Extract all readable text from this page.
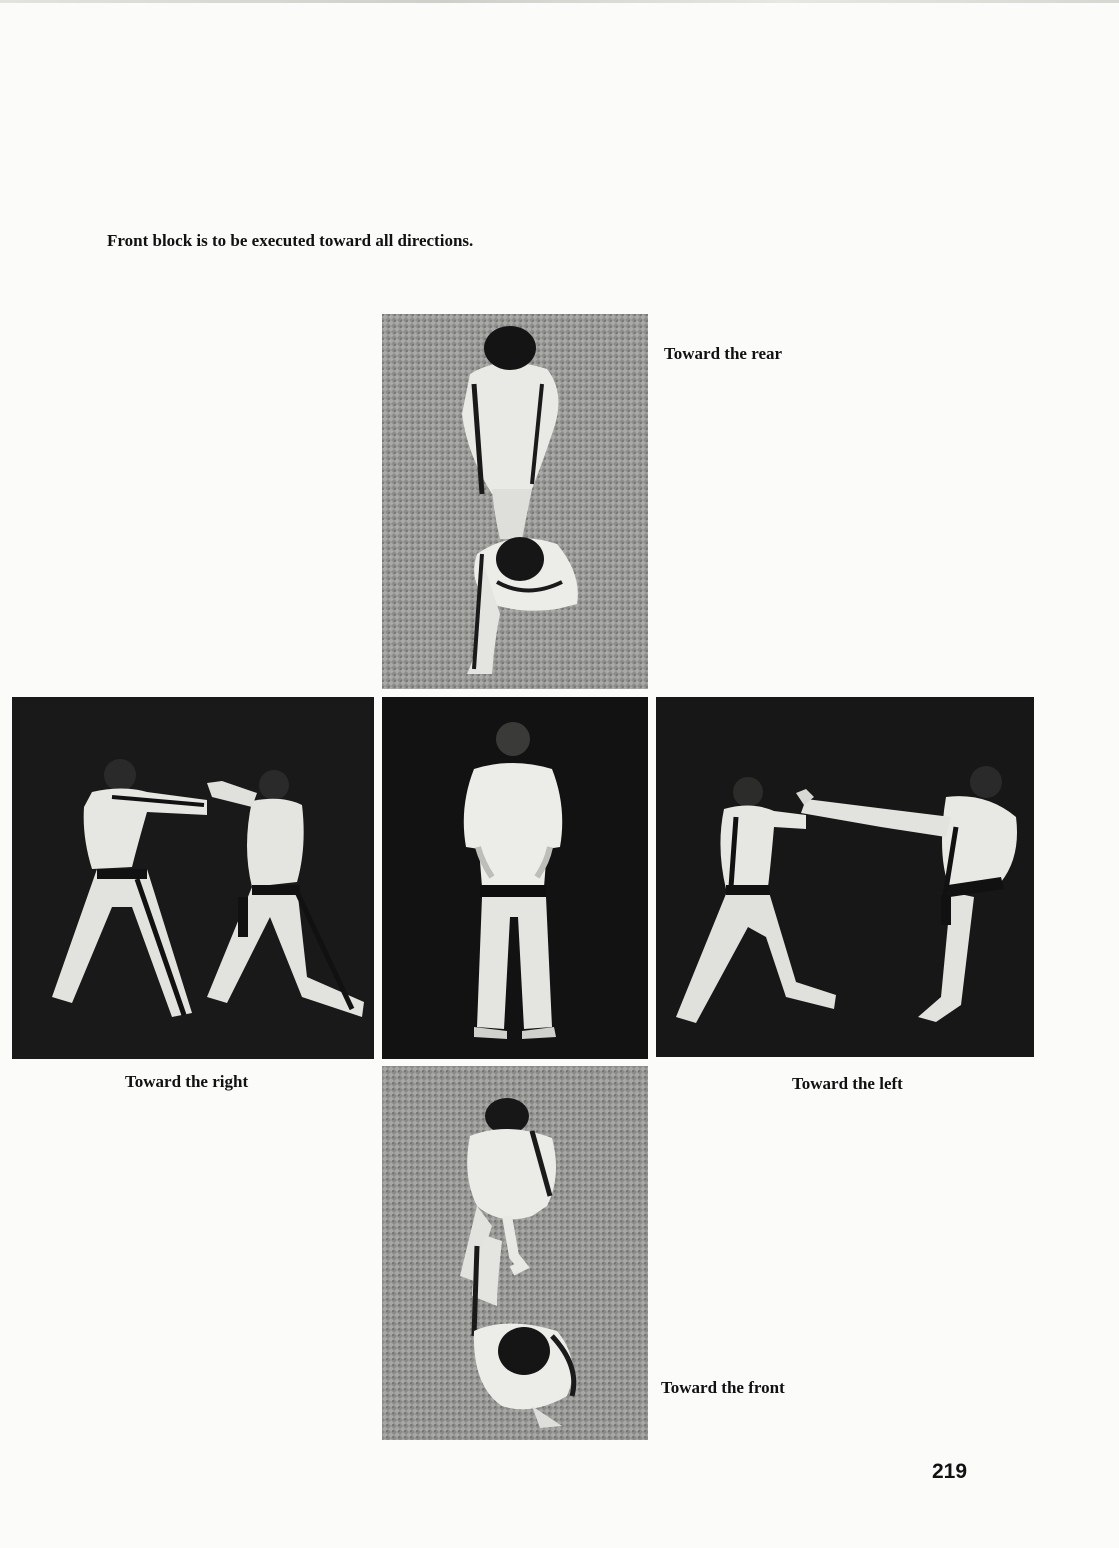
Front block is to be executed toward all directions.
Toward the rear
Toward the right	Toward the left
Toward the front
219
